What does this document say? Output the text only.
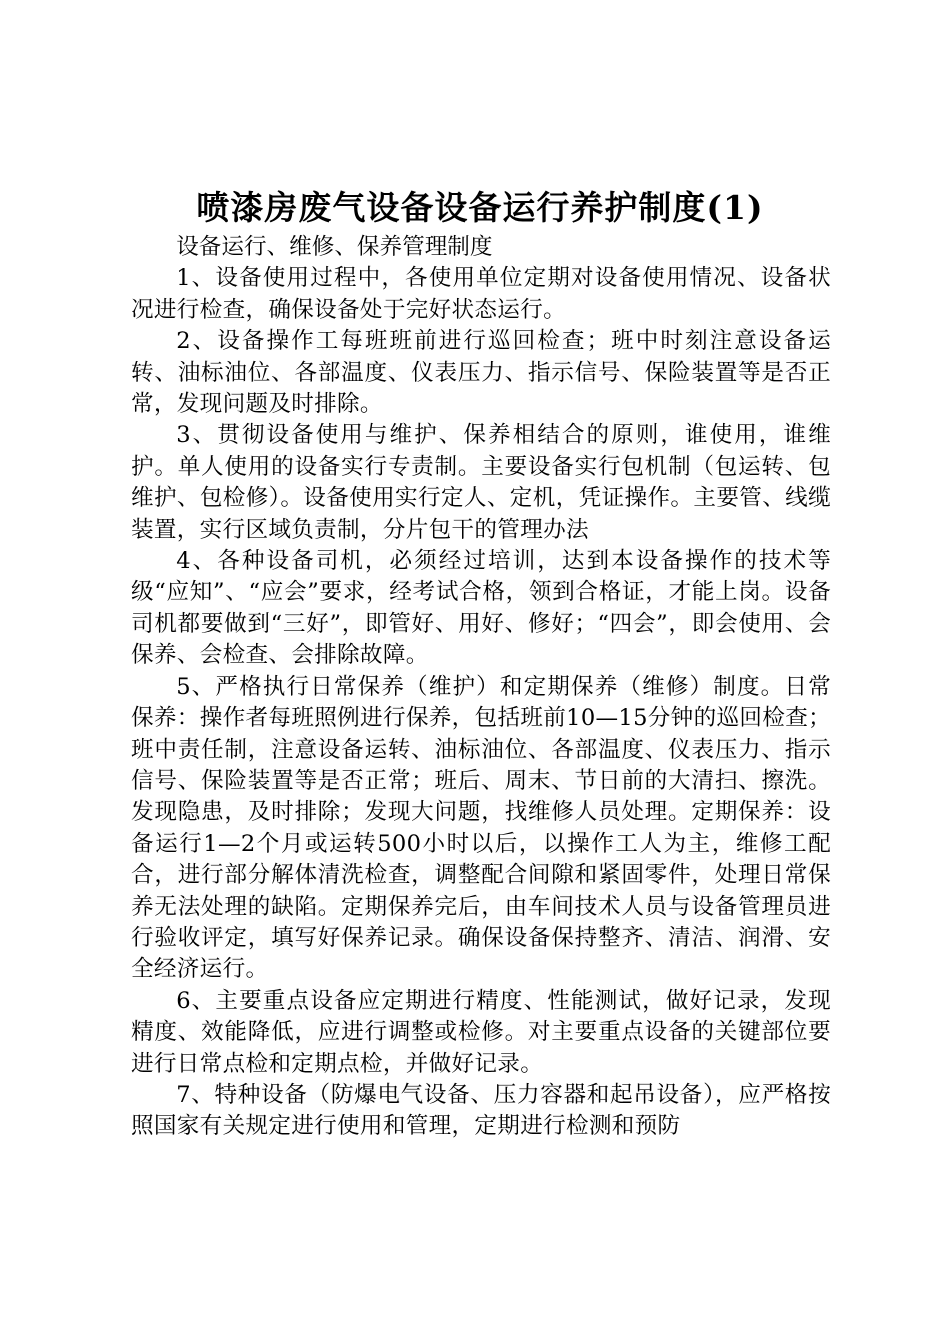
喷漆房废气设备设备运行养护制度(1)

设备运行、维修、保养管理制度

1、设备使用过程中，各使用单位定期对设备使用情况、设备状况进行检查，确保设备处于完好状态运行。

2、设备操作工每班班前进行巡回检查；班中时刻注意设备运转、油标油位、各部温度、仪表压力、指示信号、保险装置等是否正常，发现问题及时排除。

3、贯彻设备使用与维护、保养相结合的原则，谁使用，谁维护。单人使用的设备实行专责制。主要设备实行包机制（包运转、包维护、包检修）。设备使用实行定人、定机，凭证操作。主要管、线缆装置，实行区域负责制，分片包干的管理办法

4、各种设备司机，必须经过培训，达到本设备操作的技术等级“应知”、“应会”要求，经考试合格，领到合格证，才能上岗。设备司机都要做到“三好”，即管好、用好、修好；“四会”，即会使用、会保养、会检查、会排除故障。

5、严格执行日常保养（维护）和定期保养（维修）制度。日常保养：操作者每班照例进行保养，包括班前10—15分钟的巡回检查；班中责任制，注意设备运转、油标油位、各部温度、仪表压力、指示信号、保险装置等是否正常；班后、周末、节日前的大清扫、擦洗。发现隐患，及时排除；发现大问题，找维修人员处理。定期保养：设备运行1—2个月或运转500小时以后，以操作工人为主，维修工配合，进行部分解体清洗检查，调整配合间隙和紧固零件，处理日常保养无法处理的缺陷。定期保养完后，由车间技术人员与设备管理员进行验收评定，填写好保养记录。确保设备保持整齐、清洁、润滑、安全经济运行。

6、主要重点设备应定期进行精度、性能测试，做好记录，发现精度、效能降低，应进行调整或检修。对主要重点设备的关键部位要进行日常点检和定期点检，并做好记录。

7、特种设备（防爆电气设备、压力容器和起吊设备），应严格按照国家有关规定进行使用和管理，定期进行检测和预防
